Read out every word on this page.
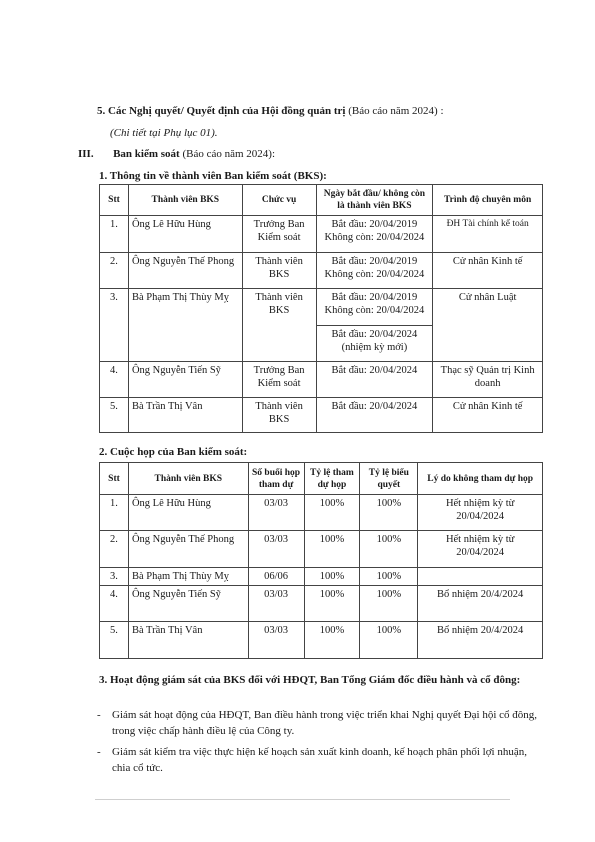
5. Các Nghị quyết/ Quyết định của Hội đồng quản trị (Báo cáo năm 2024) :
(Chi tiết tại Phụ lục 01).
III. Ban kiểm soát (Báo cáo năm 2024):
1. Thông tin về thành viên Ban kiểm soát (BKS):
Stt	Thành viên BKS	Chức vụ	Ngày bắt đầu/ không còn là thành viên BKS	Trình độ chuyên môn
1.	Ông Lê Hữu Hùng	Trưởng Ban Kiểm soát	Bắt đầu: 20/04/2019 Không còn: 20/04/2024	ĐH Tài chính kế toán
2.	Ông Nguyễn Thế Phong	Thành viên BKS	Bắt đầu: 20/04/2019 Không còn: 20/04/2024	Cử nhân Kinh tế
3.	Bà Phạm Thị Thùy Mỵ	Thành viên BKS	Bắt đầu: 20/04/2019 Không còn: 20/04/2024	Cử nhân Luật
			Bắt đầu: 20/04/2024 (nhiệm kỳ mới)	
4.	Ông Nguyễn Tiến Sỹ	Trưởng Ban Kiểm soát	Bắt đầu: 20/04/2024	Thạc sỹ Quản trị Kinh doanh
5.	Bà Trần Thị Vân	Thành viên BKS	Bắt đầu: 20/04/2024	Cử nhân Kinh tế
2. Cuộc họp của Ban kiểm soát:
Stt	Thành viên BKS	Số buổi họp tham dự	Tỷ lệ tham dự họp	Tỷ lệ biểu quyết	Lý do không tham dự họp
1.	Ông Lê Hữu Hùng	03/03	100%	100%	Hết nhiệm kỳ từ 20/04/2024
2.	Ông Nguyễn Thế Phong	03/03	100%	100%	Hết nhiệm kỳ từ 20/04/2024
3.	Bà Phạm Thị Thùy Mỵ	06/06	100%	100%	
4.	Ông Nguyễn Tiến Sỹ	03/03	100%	100%	Bổ nhiệm 20/4/2024
5.	Bà Trần Thị Vân	03/03	100%	100%	Bổ nhiệm 20/4/2024
3. Hoạt động giám sát của BKS đối với HĐQT, Ban Tổng Giám đốc điều hành và cổ đông:
- Giám sát hoạt động của HĐQT, Ban điều hành trong việc triển khai Nghị quyết Đại hội cổ đông, trong việc chấp hành điều lệ của Công ty.
- Giám sát kiểm tra việc thực hiện kế hoạch sản xuất kinh doanh, kế hoạch phân phối lợi nhuận, chia cổ tức.
